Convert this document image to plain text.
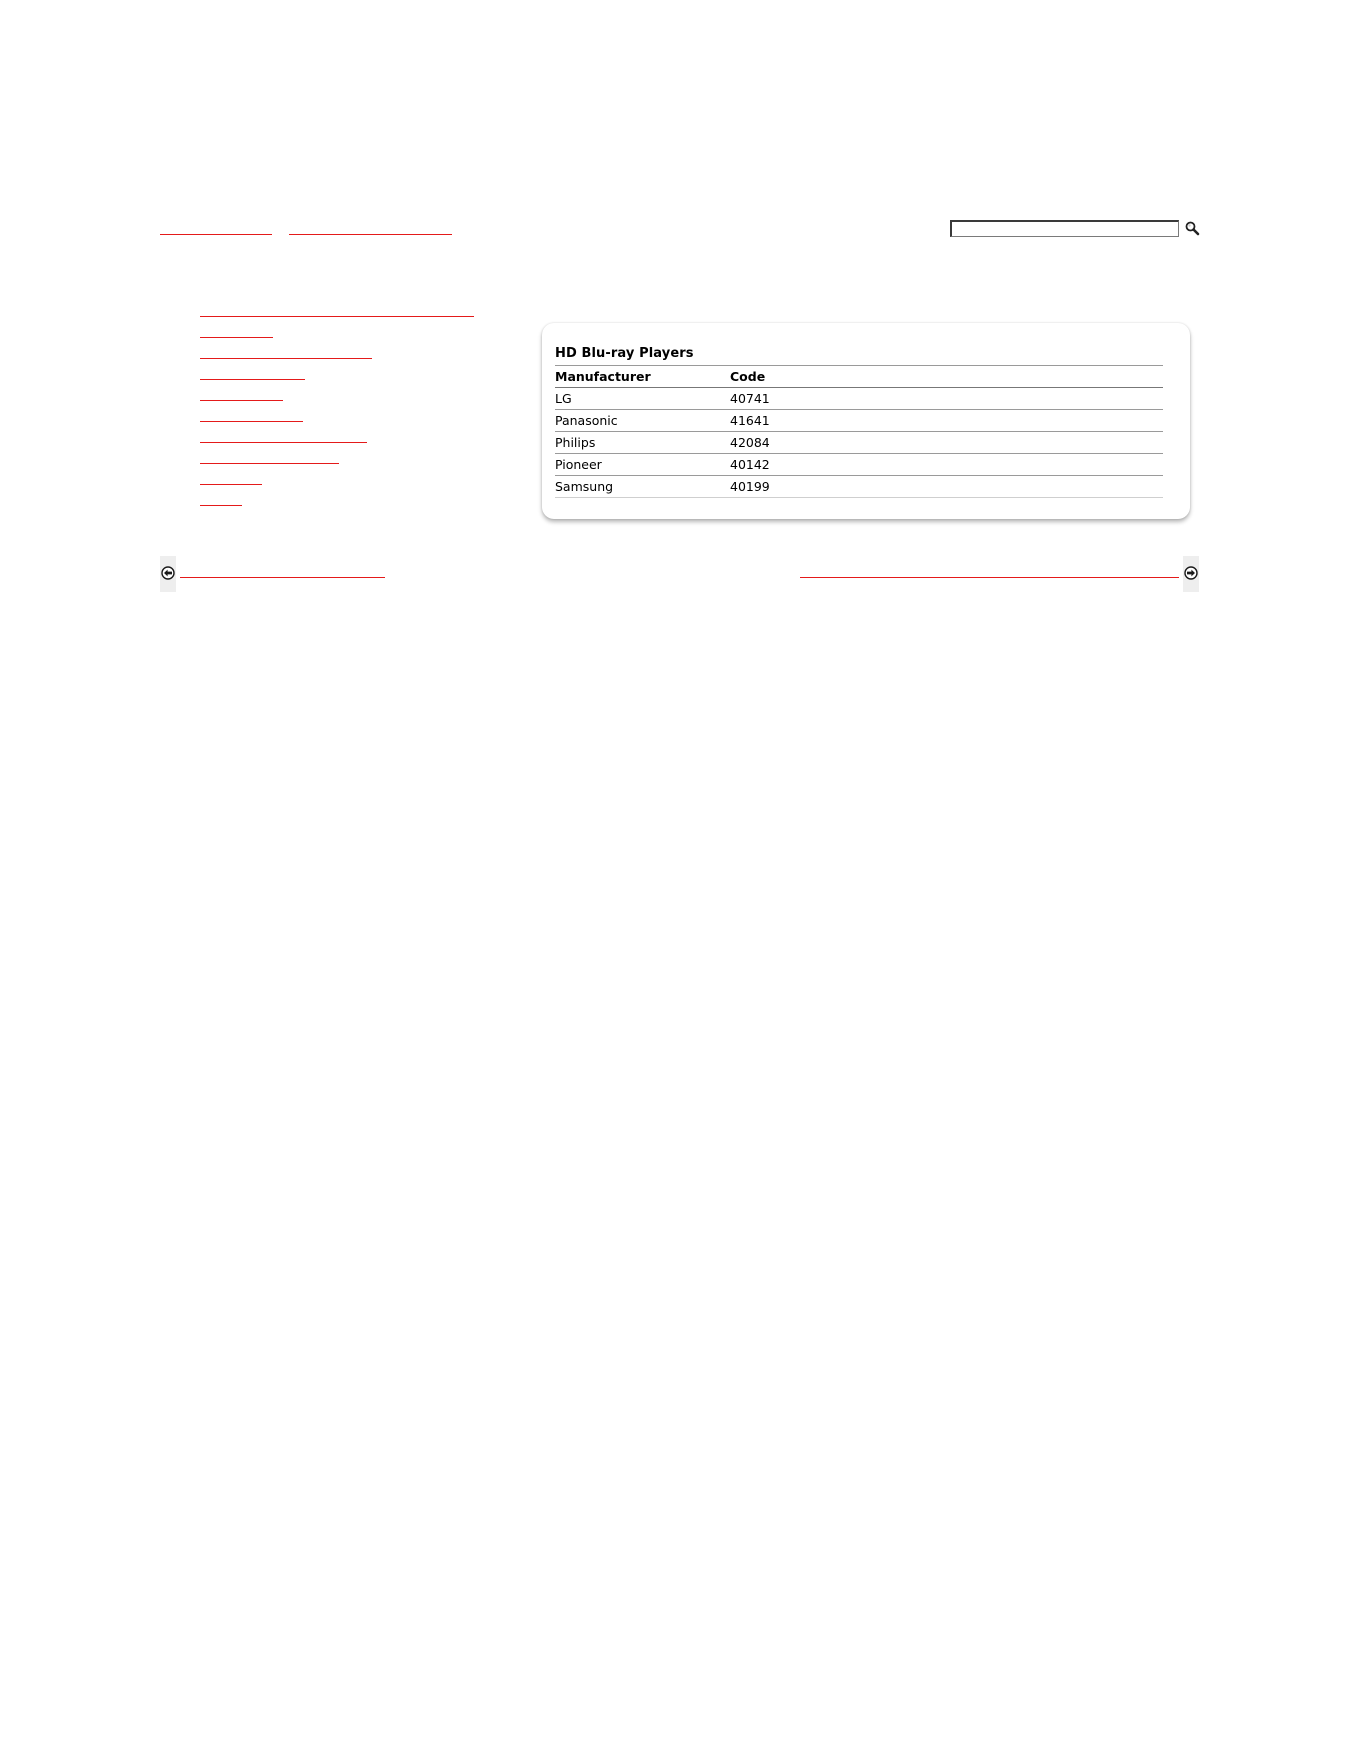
HD Blu-ray Players
Manufacturer	Code
LG	40741
Panasonic	41641
Philips	42084
Pioneer	40142
Samsung	40199
